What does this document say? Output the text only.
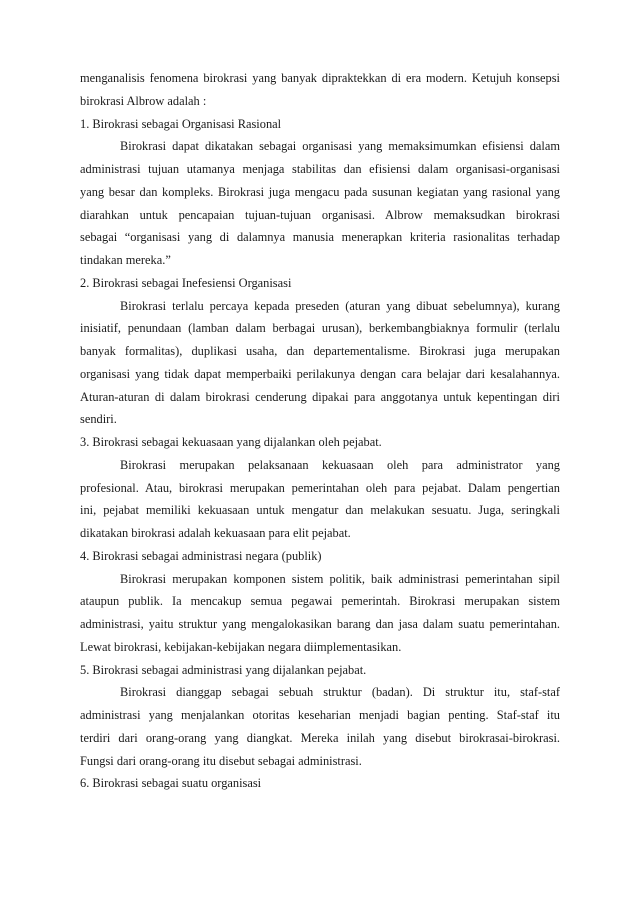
menganalisis fenomena birokrasi yang banyak dipraktekkan di era modern. Ketujuh konsepsi
birokrasi Albrow adalah :
1. Birokrasi sebagai Organisasi Rasional
Birokrasi dapat dikatakan sebagai organisasi yang memaksimumkan efisiensi dalam
administrasi tujuan utamanya menjaga stabilitas dan efisiensi dalam organisasi-organisasi
yang besar dan kompleks. Birokrasi juga mengacu pada susunan kegiatan yang rasional yang
diarahkan untuk pencapaian tujuan-tujuan organisasi. Albrow memaksudkan birokrasi
sebagai “organisasi yang di dalamnya manusia menerapkan kriteria rasionalitas terhadap
tindakan mereka.”
2. Birokrasi sebagai Inefesiensi Organisasi
Birokrasi terlalu percaya kepada preseden (aturan yang dibuat sebelumnya), kurang
inisiatif, penundaan (lamban dalam berbagai urusan), berkembangbiaknya formulir (terlalu
banyak formalitas), duplikasi usaha, dan departementalisme. Birokrasi juga merupakan
organisasi yang tidak dapat memperbaiki perilakunya dengan cara belajar dari kesalahannya.
Aturan-aturan di dalam birokrasi cenderung dipakai para anggotanya untuk kepentingan diri
sendiri.
3. Birokrasi sebagai kekuasaan yang dijalankan oleh pejabat.
Birokrasi merupakan pelaksanaan kekuasaan oleh para administrator yang
profesional. Atau, birokrasi merupakan pemerintahan oleh para pejabat. Dalam pengertian
ini, pejabat memiliki kekuasaan untuk mengatur dan melakukan sesuatu. Juga, seringkali
dikatakan birokrasi adalah kekuasaan para elit pejabat.
4. Birokrasi sebagai administrasi negara (publik)
Birokrasi merupakan komponen sistem politik, baik administrasi pemerintahan sipil
ataupun publik. Ia mencakup semua pegawai pemerintah. Birokrasi merupakan sistem
administrasi, yaitu struktur yang mengalokasikan barang dan jasa dalam suatu pemerintahan.
Lewat birokrasi, kebijakan-kebijakan negara diimplementasikan.
5. Birokrasi sebagai administrasi yang dijalankan pejabat.
Birokrasi dianggap sebagai sebuah struktur (badan). Di struktur itu, staf-staf
administrasi yang menjalankan otoritas keseharian menjadi bagian penting. Staf-staf itu
terdiri dari orang-orang yang diangkat. Mereka inilah yang disebut birokrasai-birokrasi.
Fungsi dari orang-orang itu disebut sebagai administrasi.
6. Birokrasi sebagai suatu organisasi
